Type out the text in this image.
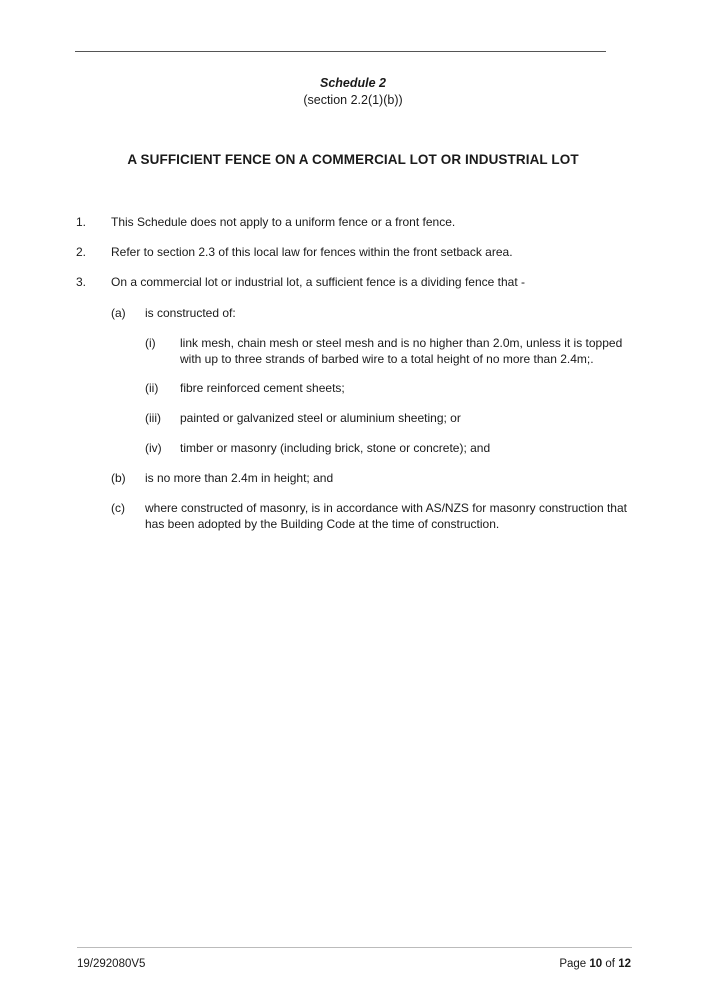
Schedule 2
(section 2.2(1)(b))
A SUFFICIENT FENCE ON A COMMERCIAL LOT OR INDUSTRIAL LOT
1. This Schedule does not apply to a uniform fence or a front fence.
2. Refer to section 2.3 of this local law for fences within the front setback area.
3. On a commercial lot or industrial lot, a sufficient fence is a dividing fence that -
(a) is constructed of:
(i) link mesh, chain mesh or steel mesh and is no higher than 2.0m, unless it is topped with up to three strands of barbed wire to a total height of no more than 2.4m;.
(ii) fibre reinforced cement sheets;
(iii) painted or galvanized steel or aluminium sheeting; or
(iv) timber or masonry (including brick, stone or concrete); and
(b) is no more than 2.4m in height; and
(c) where constructed of masonry, is in accordance with AS/NZS for masonry construction that has been adopted by the Building Code at the time of construction.
19/292080V5	Page 10 of 12
